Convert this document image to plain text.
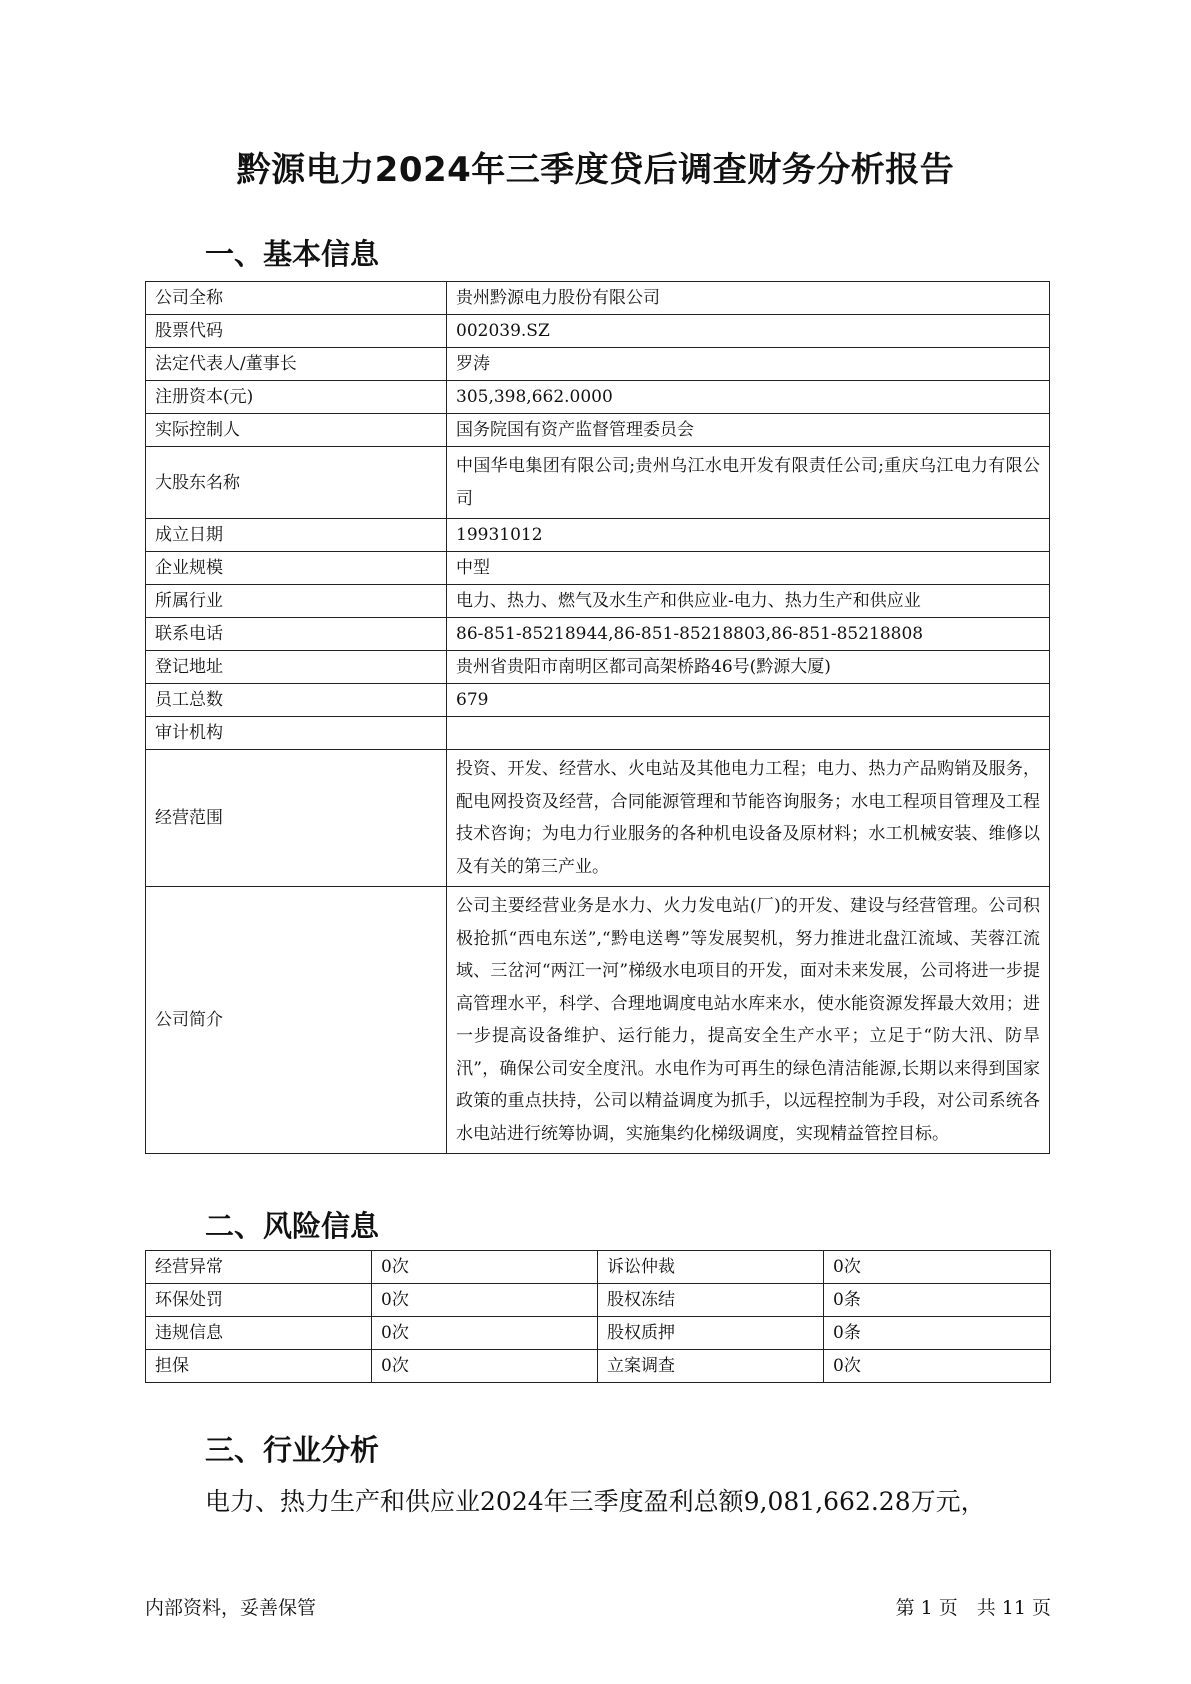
黔源电力2024年三季度贷后调查财务分析报告
一、基本信息
公司全称	贵州黔源电力股份有限公司
股票代码	002039.SZ
法定代表人/董事长	罗涛
注册资本(元)	305,398,662.0000
实际控制人	国务院国有资产监督管理委员会
大股东名称	中国华电集团有限公司;贵州乌江水电开发有限责任公司;重庆乌江电力有限公司
成立日期	19931012
企业规模	中型
所属行业	电力、热力、燃气及水生产和供应业-电力、热力生产和供应业
联系电话	86-851-85218944,86-851-85218803,86-851-85218808
登记地址	贵州省贵阳市南明区都司高架桥路46号(黔源大厦)
员工总数	679
审计机构	
经营范围	投资、开发、经营水、火电站及其他电力工程；电力、热力产品购销及服务，配电网投资及经营，合同能源管理和节能咨询服务；水电工程项目管理及工程技术咨询；为电力行业服务的各种机电设备及原材料；水工机械安装、维修以及有关的第三产业。
公司简介	公司主要经营业务是水力、火力发电站(厂)的开发、建设与经营管理。公司积极抢抓“西电东送”,“黔电送粤”等发展契机，努力推进北盘江流域、芙蓉江流域、三岔河“两江一河”梯级水电项目的开发，面对未来发展，公司将进一步提高管理水平，科学、合理地调度电站水库来水，使水能资源发挥最大效用；进一步提高设备维护、运行能力，提高安全生产水平；立足于“防大汛、防旱汛”，确保公司安全度汛。水电作为可再生的绿色清洁能源,长期以来得到国家政策的重点扶持，公司以精益调度为抓手，以远程控制为手段，对公司系统各水电站进行统筹协调，实施集约化梯级调度，实现精益管控目标。
二、风险信息
经营异常	0次	诉讼仲裁	0次
环保处罚	0次	股权冻结	0条
违规信息	0次	股权质押	0条
担保	0次	立案调查	0次
三、行业分析
电力、热力生产和供应业2024年三季度盈利总额9,081,662.28万元，
内部资料，妥善保管	第 1 页　共 11 页
